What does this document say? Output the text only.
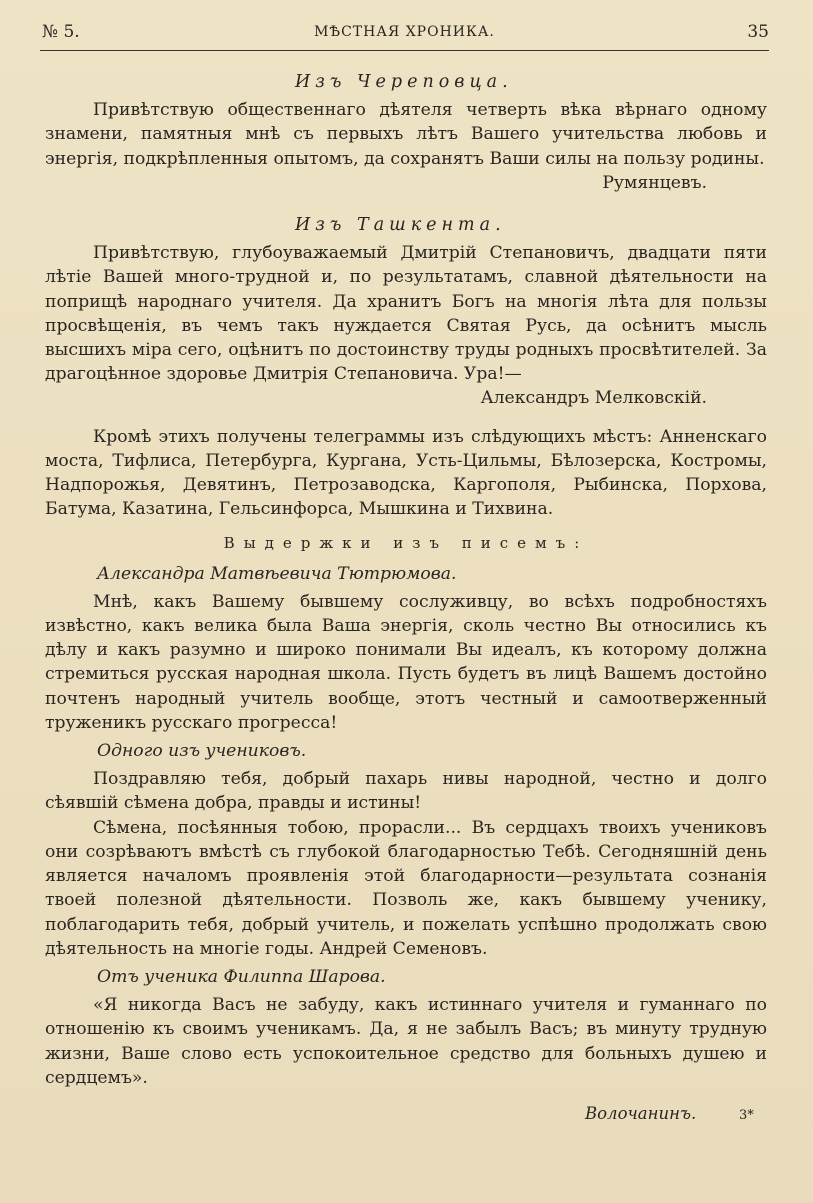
№ 5.	МѢСТНАЯ ХРОНИКА.	35
Изъ Череповца.

Привѣтствую общественнаго дѣятеля четверть вѣка вѣрнаго одному знамени, памятныя мнѣ съ первыхъ лѣтъ Вашего учительства любовь и энергія, подкрѣпленныя опытомъ, да сохранятъ Ваши силы на пользу родины.

Румянцевъ.

Изъ Ташкента.

Привѣтствую, глубоуважаемый Дмитрій Степановичъ, двадцати пяти лѣтіе Вашей много-трудной и, по результатамъ, славной дѣятельности на поприщѣ народнаго учителя. Да хранитъ Богъ на многія лѣта для пользы просвѣщенія, въ чемъ такъ нуждается Святая Русь, да осѣнитъ мысль высшихъ міра сего, оцѣнитъ по достоинству труды родныхъ просвѣтителей. За драгоцѣнное здоровье Дмитрія Степановича. Ура!—

Александръ Мелковскій.

Кромѣ этихъ получены телеграммы изъ слѣдующихъ мѣстъ: Анненскаго моста, Тифлиса, Петербурга, Кургана, Усть-Цильмы, Бѣлозерска, Костромы, Надпорожья, Девятинъ, Петрозаводска, Каргополя, Рыбинска, Порхова, Батума, Казатина, Гельсинфорса, Мышкина и Тихвина.

Выдержки изъ писемъ:
Александра Матвѣевича Тютрюмова.

Мнѣ, какъ Вашему бывшему сослуживцу, во всѣхъ подробностяхъ извѣстно, какъ велика была Ваша энергія, сколь честно Вы относились къ дѣлу и какъ разумно и широко понимали Вы идеалъ, къ которому должна стремиться русская народная школа. Пусть будетъ въ лицѣ Вашемъ достойно почтенъ народный учитель вообще, этотъ честный и самоотверженный труженикъ русскаго прогресса!

Одного изъ учениковъ.

Поздравляю тебя, добрый пахарь нивы народной, честно и долго сѣявшій сѣмена добра, правды и истины!

Сѣмена, посѣянныя тобою, прорасли... Въ сердцахъ твоихъ учениковъ они созрѣваютъ вмѣстѣ съ глубокой благодарностью Тебѣ. Сегодняшній день является началомъ проявленія этой благодарности—результата сознанія твоей полезной дѣятельности. Позволь же, какъ бывшему ученику, поблагодарить тебя, добрый учитель, и пожелать успѣшно продолжать свою дѣятельность на многіе годы. Андрей Семеновъ.

Отъ ученика Филиппа Шарова.

«Я никогда Васъ не забуду, какъ истиннаго учителя и гуманнаго по отношенію къ своимъ ученикамъ. Да, я не забылъ Васъ; въ минуту трудную жизни, Ваше слово есть успокоительное средство для больныхъ душею и сердцемъ».

Волочанинъ.	3*
